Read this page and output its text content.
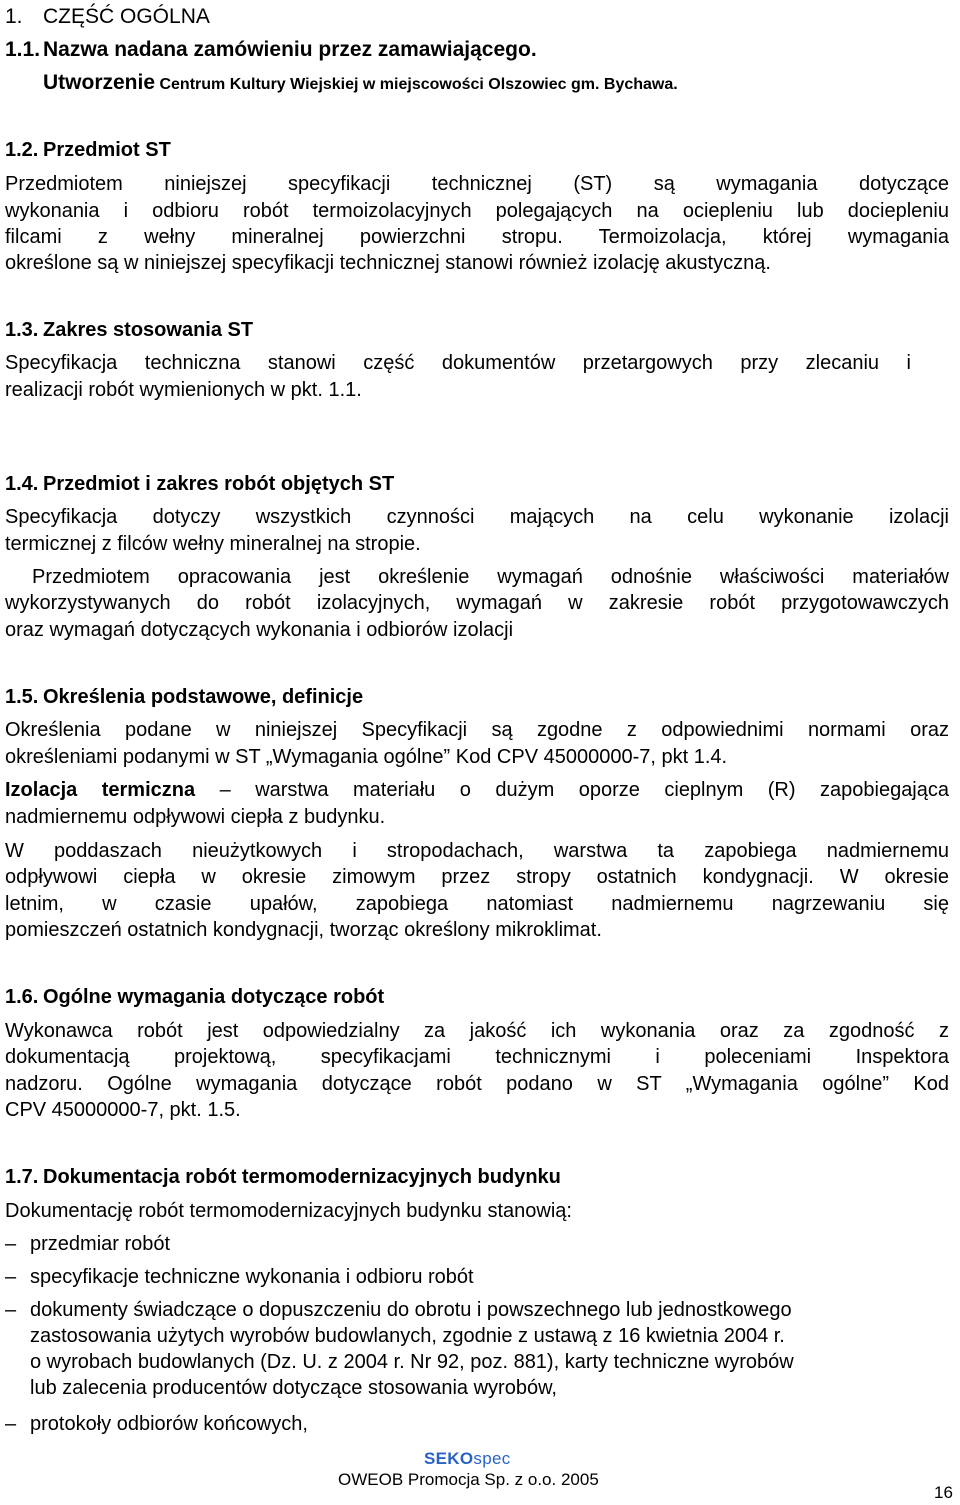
1. CZĘŚĆ OGÓLNA
1.1. Nazwa nadana zamówieniu przez zamawiającego.
Utworzenie Centrum Kultury Wiejskiej w miejscowości Olszowiec gm. Bychawa.
1.2. Przedmiot ST
Przedmiotem niniejszej specyfikacji technicznej (ST) są wymagania dotyczące
wykonania i odbioru robót termoizolacyjnych polegających na ociepleniu lub dociepleniu
filcami z wełny mineralnej powierzchni stropu. Termoizolacja, której wymagania
określone są w niniejszej specyfikacji technicznej stanowi również izolację akustyczną.
1.3. Zakres stosowania ST
Specyfikacja techniczna stanowi część dokumentów przetargowych przy zlecaniu i
realizacji robót wymienionych w pkt. 1.1.
1.4. Przedmiot i zakres robót objętych ST
Specyfikacja dotyczy wszystkich czynności mających na celu wykonanie izolacji
termicznej z filców wełny mineralnej na stropie.
Przedmiotem opracowania jest określenie wymagań odnośnie właściwości materiałów
wykorzystywanych do robót izolacyjnych, wymagań w zakresie robót przygotowawczych
oraz wymagań dotyczących wykonania i odbiorów izolacji
1.5. Określenia podstawowe, definicje
Określenia podane w niniejszej Specyfikacji są zgodne z odpowiednimi normami oraz
określeniami podanymi w ST „Wymagania ogólne” Kod CPV 45000000-7, pkt 1.4.
Izolacja termiczna – warstwa materiału o dużym oporze cieplnym (R) zapobiegająca
nadmiernemu odpływowi ciepła z budynku.
W poddaszach nieużytkowych i stropodachach, warstwa ta zapobiega nadmiernemu
odpływowi ciepła w okresie zimowym przez stropy ostatnich kondygnacji. W okresie
letnim, w czasie upałów, zapobiega natomiast nadmiernemu nagrzewaniu się
pomieszczeń ostatnich kondygnacji, tworząc określony mikroklimat.
1.6. Ogólne wymagania dotyczące robót
Wykonawca robót jest odpowiedzialny za jakość ich wykonania oraz za zgodność z
dokumentacją projektową, specyfikacjami technicznymi i poleceniami Inspektora
nadzoru. Ogólne wymagania dotyczące robót podano w ST „Wymagania ogólne” Kod
CPV 45000000-7, pkt. 1.5.
1.7. Dokumentacja robót termomodernizacyjnych budynku
Dokumentację robót termomodernizacyjnych budynku stanowią:
– przedmiar robót
– specyfikacje techniczne wykonania i odbioru robót
– dokumenty świadczące o dopuszczeniu do obrotu i powszechnego lub jednostkowego
zastosowania użytych wyrobów budowlanych, zgodnie z ustawą z 16 kwietnia 2004 r.
o wyrobach budowlanych (Dz. U. z 2004 r. Nr 92, poz. 881), karty techniczne wyrobów
lub zalecenia producentów dotyczące stosowania wyrobów,
– protokoły odbiorów końcowych,
SEKOspec
OWEOB Promocja Sp. z o.o. 2005
16
